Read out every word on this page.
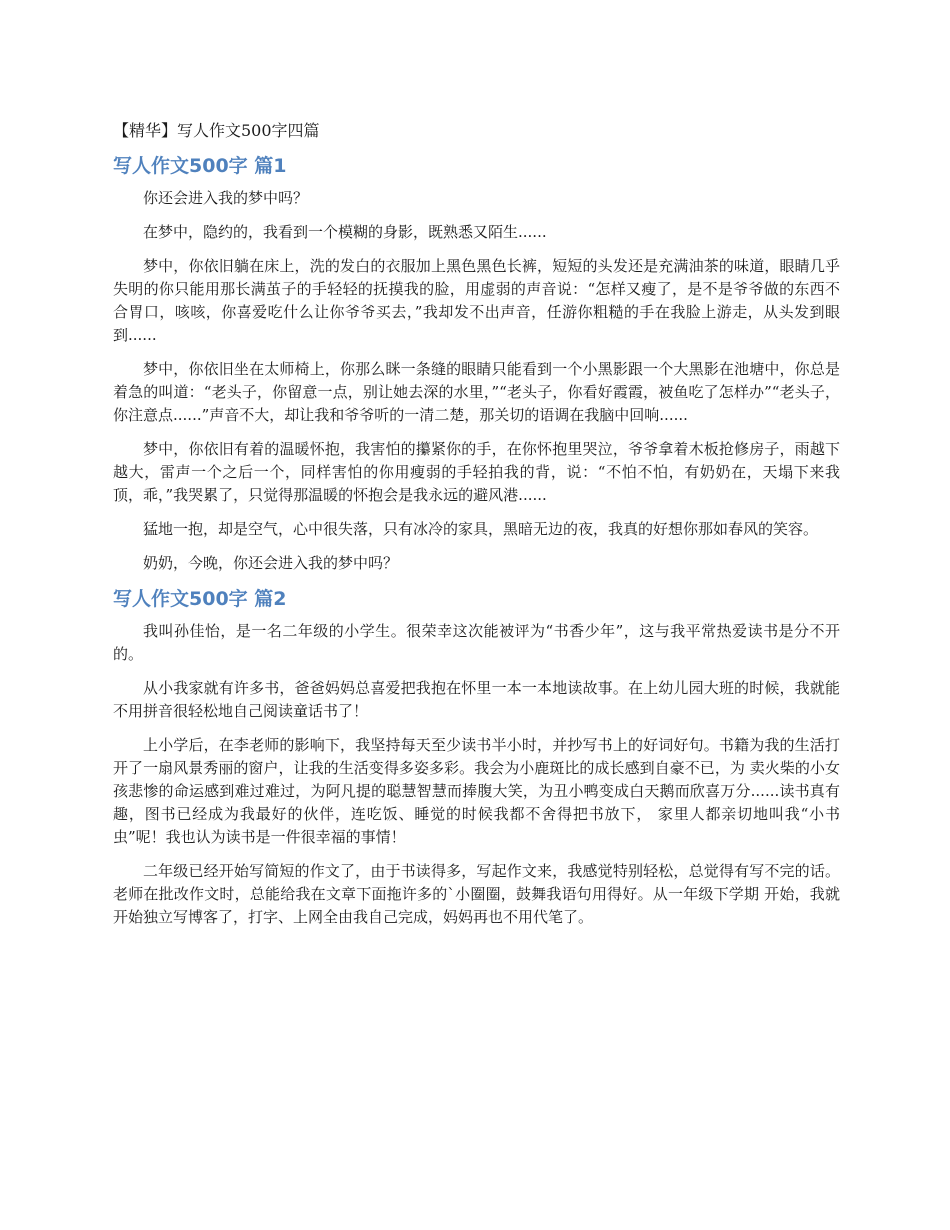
【精华】写人作文500字四篇
写人作文500字 篇1

你还会进入我的梦中吗？

在梦中，隐约的，我看到一个模糊的身影，既熟悉又陌生......

梦中，你依旧躺在床上，洗的发白的衣服加上黑色黑色长裤，短短的头发还是充满油茶的味道，眼睛几乎失明的你只能用那长满茧子的手轻轻的抚摸我的脸，用虚弱的声音说：“怎样又瘦了，是不是爷爷做的东西不合胃口，咳咳，你喜爱吃什么让你爷爷买去，”我却发不出声音，任游你粗糙的手在我脸上游走，从头发到眼到......

梦中，你依旧坐在太师椅上，你那么眯一条缝的眼睛只能看到一个小黑影跟一个大黑影在池塘中，你总是着急的叫道：“老头子，你留意一点，别让她去深的水里，”“老头子，你看好霞霞，被鱼吃了怎样办”“老头子，你注意点......”声音不大，却让我和爷爷听的一清二楚，那关切的语调在我脑中回响......

梦中，你依旧有着的温暖怀抱，我害怕的攥紧你的手，在你怀抱里哭泣，爷爷拿着木板抢修房子，雨越下越大，雷声一个之后一个，同样害怕的你用瘦弱的手轻拍我的背，说：“不怕不怕，有奶奶在，天塌下来我顶，乖，”我哭累了，只觉得那温暖的怀抱会是我永远的避风港......

猛地一抱，却是空气，心中很失落，只有冰冷的家具，黑暗无边的夜，我真的好想你那如春风的笑容。

奶奶，今晚，你还会进入我的梦中吗？

写人作文500字 篇2

我叫孙佳怡，是一名二年级的小学生。很荣幸这次能被评为“书香少年”，这与我平常热爱读书是分不开的。

从小我家就有许多书，爸爸妈妈总喜爱把我抱在怀里一本一本地读故事。在上幼儿园大班的时候，我就能不用拼音很轻松地自己阅读童话书了！

上小学后，在李老师的影响下，我坚持每天至少读书半小时，并抄写书上的好词好句。书籍为我的生活打开了一扇风景秀丽的窗户，让我的生活变得多姿多彩。我会为小鹿斑比的成长感到自豪不已，为 卖火柴的小女孩悲惨的命运感到难过难过，为阿凡提的聪慧智慧而捧腹大笑，为丑小鸭变成白天鹅而欣喜万分......读书真有趣，图书已经成为我最好的伙伴，连吃饭、睡觉的时候我都不舍得把书放下， 家里人都亲切地叫我“小书虫”呢！我也认为读书是一件很幸福的事情！

二年级已经开始写简短的作文了，由于书读得多，写起作文来，我感觉特别轻松，总觉得有写不完的话。老师在批改作文时，总能给我在文章下面拖许多的`小圈圈，鼓舞我语句用得好。从一年级下学期 开始，我就开始独立写博客了，打字、上网全由我自己完成，妈妈再也不用代笔了。
